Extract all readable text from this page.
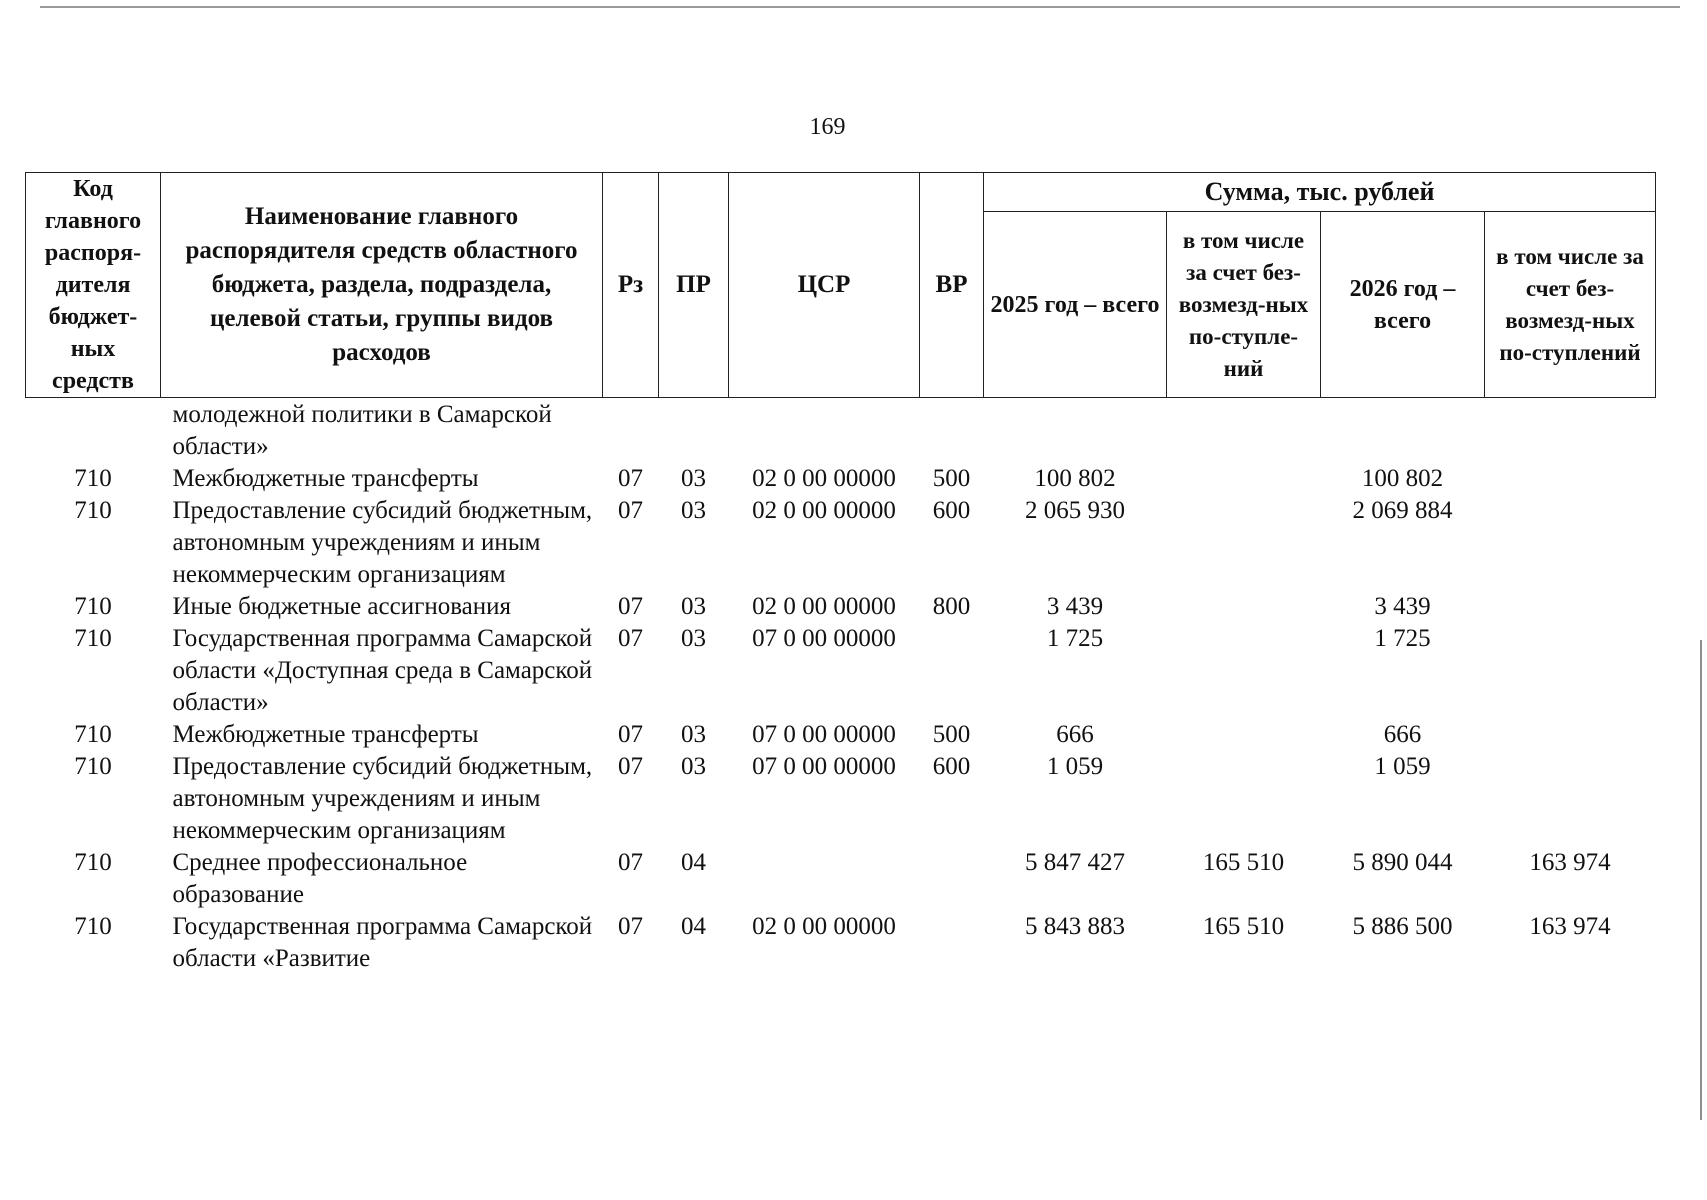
169
Код главного распоря-дителя бюджет-ных средств	Наименование главного распорядителя средств областного бюджета, раздела, подраздела, целевой статьи, группы видов расходов	Рз	ПР	ЦСР	ВР	Сумма, тыс. рублей			
						2025 год – всего	в том числе за счет без-возмезд-ных по-ступле-ний	2026 год – всего	в том числе за счет без-возмезд-ных по-ступлений
	молодежной политики в Самарской области»								
710	Межбюджетные трансферты	07	03	02 0 00 00000	500	100 802		100 802	
710	Предоставление субсидий бюджетным, автономным учреждениям и иным некоммерческим организациям	07	03	02 0 00 00000	600	2 065 930		2 069 884	
710	Иные бюджетные ассигнования	07	03	02 0 00 00000	800	3 439		3 439	
710	Государственная программа Самарской области «Доступная среда в Самарской области»	07	03	07 0 00 00000		1 725		1 725	
710	Межбюджетные трансферты	07	03	07 0 00 00000	500	666		666	
710	Предоставление субсидий бюджетным, автономным учреждениям и иным некоммерческим организациям	07	03	07 0 00 00000	600	1 059		1 059	
710	Среднее профессиональное образование	07	04			5 847 427	165 510	5 890 044	163 974
710	Государственная программа Самарской области «Развитие	07	04	02 0 00 00000		5 843 883	165 510	5 886 500	163 974
